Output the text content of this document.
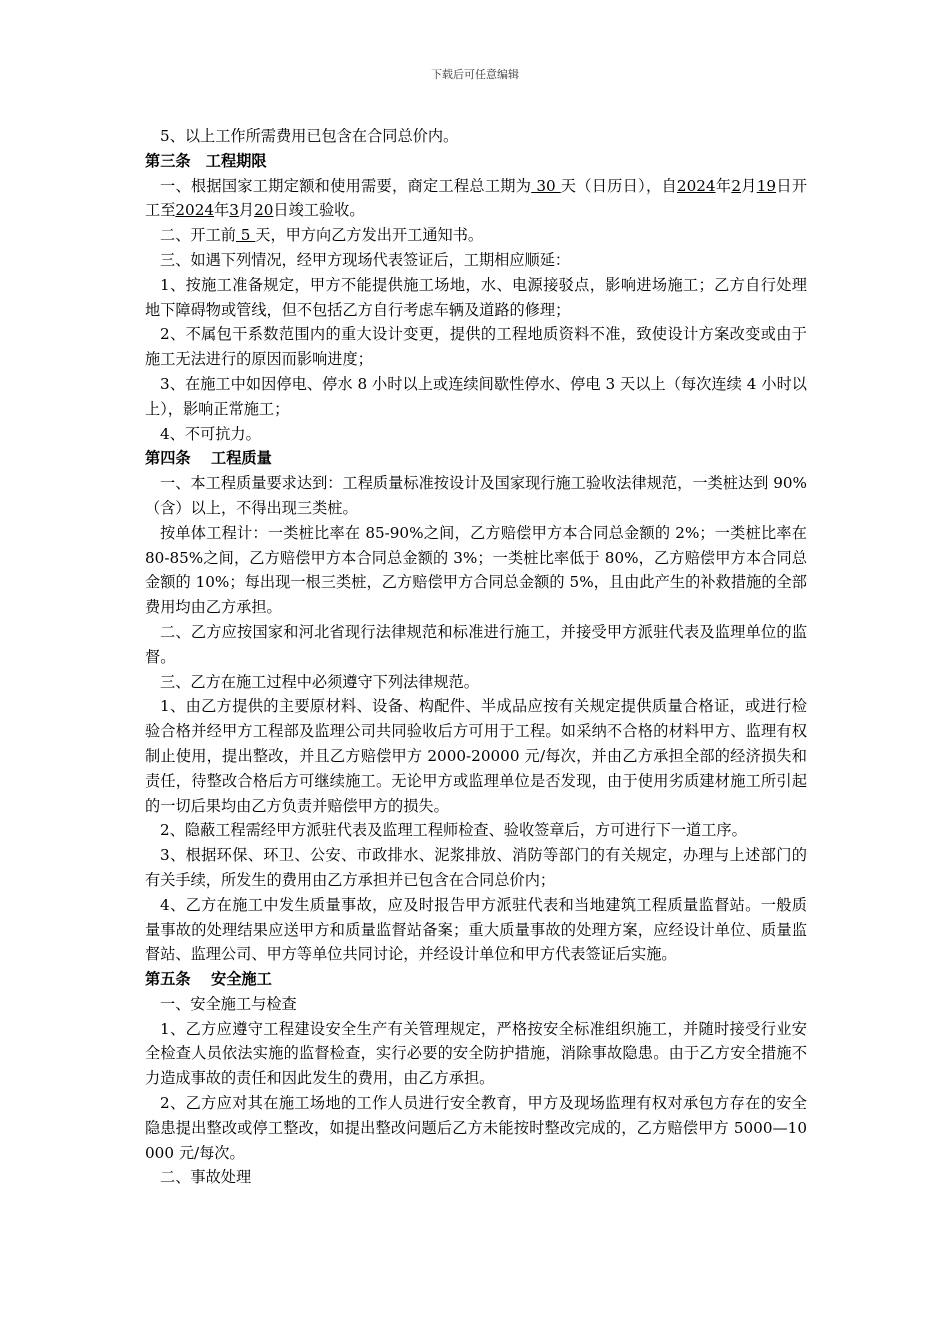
下载后可任意编辑

5、以上工作所需费用已包含在合同总价内。

第三条　工程期限

一、根据国家工期定额和使用需要，商定工程总工期为 30 天（日历日），自2024年2月19日开工至2024年3月20日竣工验收。

二、开工前 5 天，甲方向乙方发出开工通知书。

三、如遇下列情况，经甲方现场代表签证后，工期相应顺延：

1、按施工准备规定，甲方不能提供施工场地，水、电源接驳点，影响进场施工；乙方自行处理地下障碍物或管线，但不包括乙方自行考虑车辆及道路的修理；

2、不属包干系数范围内的重大设计变更，提供的工程地质资料不准，致使设计方案改变或由于施工无法进行的原因而影响进度；

3、在施工中如因停电、停水 8 小时以上或连续间歇性停水、停电 3 天以上（每次连续 4 小时以上），影响正常施工；

4、不可抗力。

第四条　 工程质量

一、本工程质量要求达到：工程质量标准按设计及国家现行施工验收法律规范，一类桩达到 90%（含）以上，不得出现三类桩。

按单体工程计：一类桩比率在 85-90%之间，乙方赔偿甲方本合同总金额的 2%；一类桩比率在 80-85%之间，乙方赔偿甲方本合同总金额的 3%；一类桩比率低于 80%，乙方赔偿甲方本合同总金额的 10%；每出现一根三类桩，乙方赔偿甲方合同总金额的 5%，且由此产生的补救措施的全部费用均由乙方承担。

二、乙方应按国家和河北省现行法律规范和标准进行施工，并接受甲方派驻代表及监理单位的监督。

三、乙方在施工过程中必须遵守下列法律规范。

1、由乙方提供的主要原材料、设备、构配件、半成品应按有关规定提供质量合格证，或进行检验合格并经甲方工程部及监理公司共同验收后方可用于工程。如采纳不合格的材料甲方、监理有权制止使用，提出整改，并且乙方赔偿甲方 2000-20000 元/每次，并由乙方承担全部的经济损失和责任，待整改合格后方可继续施工。无论甲方或监理单位是否发现，由于使用劣质建材施工所引起的一切后果均由乙方负责并赔偿甲方的损失。

2、隐蔽工程需经甲方派驻代表及监理工程师检查、验收签章后，方可进行下一道工序。

3、根据环保、环卫、公安、市政排水、泥浆排放、消防等部门的有关规定，办理与上述部门的有关手续，所发生的费用由乙方承担并已包含在合同总价内；

4、乙方在施工中发生质量事故，应及时报告甲方派驻代表和当地建筑工程质量监督站。一般质量事故的处理结果应送甲方和质量监督站备案；重大质量事故的处理方案，应经设计单位、质量监督站、监理公司、甲方等单位共同讨论，并经设计单位和甲方代表签证后实施。

第五条　 安全施工

一、安全施工与检查

1、乙方应遵守工程建设安全生产有关管理规定，严格按安全标准组织施工，并随时接受行业安全检查人员依法实施的监督检查，实行必要的安全防护措施，消除事故隐患。由于乙方安全措施不力造成事故的责任和因此发生的费用，由乙方承担。

2、乙方应对其在施工场地的工作人员进行安全教育，甲方及现场监理有权对承包方存在的安全隐患提出整改或停工整改，如提出整改问题后乙方未能按时整改完成的，乙方赔偿甲方 5000—10000 元/每次。

二、事故处理
